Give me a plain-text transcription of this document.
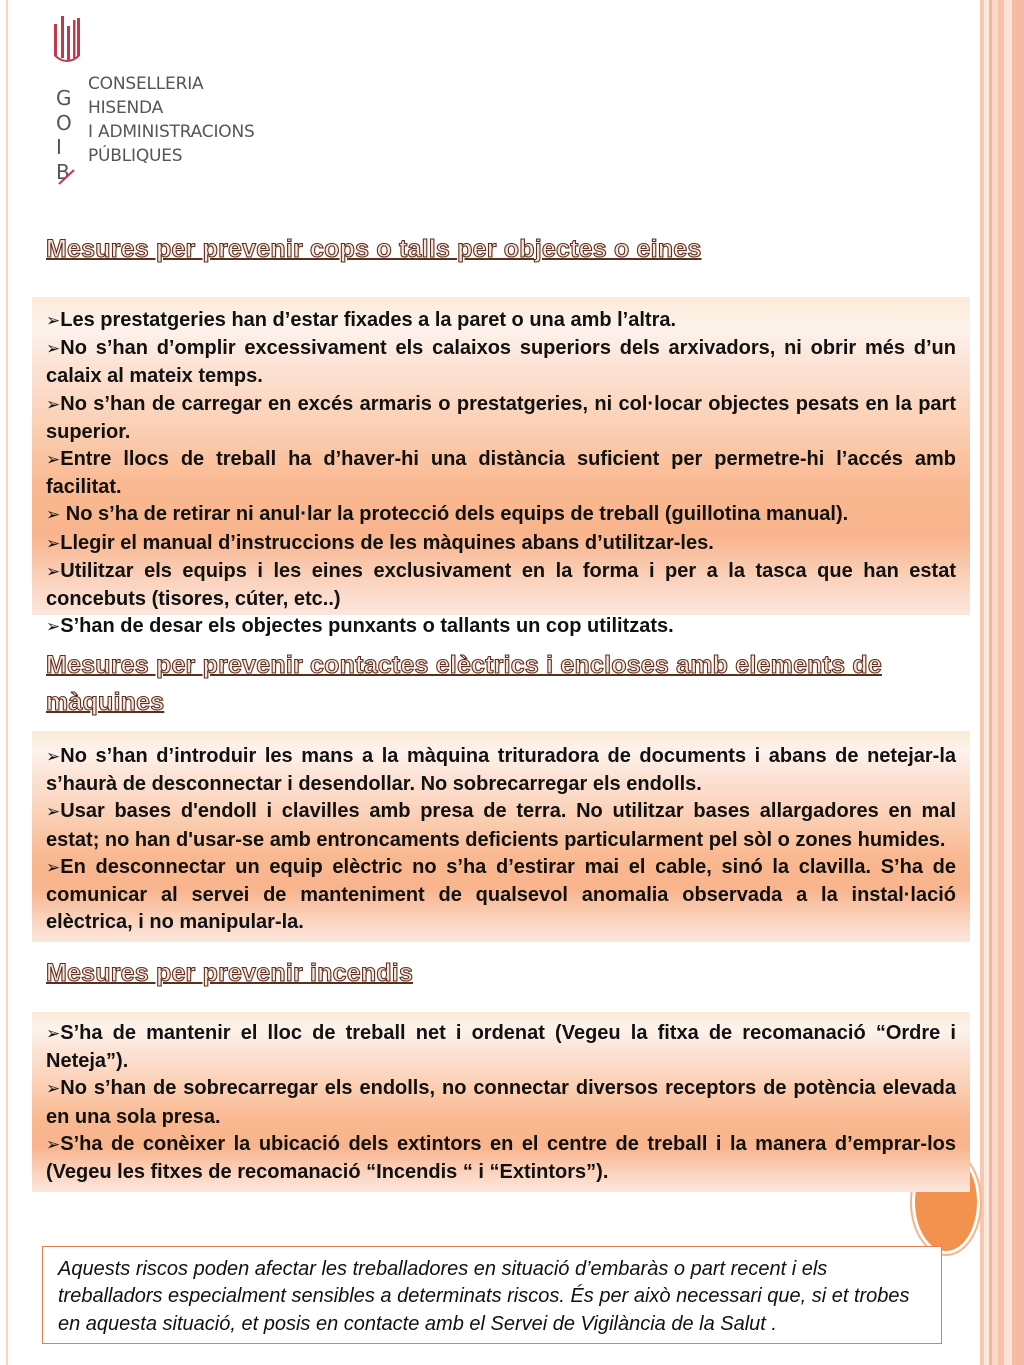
G
O
I
B
CONSELLERIA
HISENDA
I ADMINISTRACIONS
PÚBLIQUES
Mesures per prevenir cops o talls per objectes o eines

➢Les prestatgeries han d’estar fixades a la paret o una amb l’altra.

➢No s’han d’omplir excessivament els calaixos superiors dels arxivadors, ni obrir més d’un calaix al mateix temps.

➢No s’han de carregar en excés armaris o prestatgeries, ni col·locar objectes pesats en la part superior.

➢Entre llocs de treball ha d’haver-hi una distància suficient per permetre-hi l’accés amb facilitat.

➢ No s’ha de retirar ni anul·lar la protecció dels equips de treball (guillotina manual).

➢Llegir el manual d’instruccions de les màquines abans d’utilitzar-les.

➢Utilitzar els equips i les eines exclusivament en la forma i per a la tasca que han estat concebuts (tisores, cúter, etc..)

➢S’han de desar els objectes punxants o tallants un cop utilitzats.

Mesures per prevenir contactes elèctrics i encloses amb elements de màquines

➢No s’han d’introduir les mans a la màquina trituradora de documents i abans de netejar-la s’haurà de desconnectar i desendollar. No sobrecarregar els endolls.

➢Usar bases d'endoll i clavilles amb presa de terra. No utilitzar bases allargadores en mal estat; no han d'usar-se amb entroncaments deficients particularment pel sòl o zones humides.

➢En desconnectar un equip elèctric no s’ha d’estirar mai el cable, sinó la clavilla. S’ha de comunicar al servei de manteniment de qualsevol anomalia observada a la instal·lació elèctrica, i no manipular-la.

Mesures per prevenir incendis

➢S’ha de mantenir el lloc de treball net i ordenat (Vegeu la fitxa de recomanació “Ordre i Neteja”).

➢No s’han de sobrecarregar els endolls, no connectar diversos receptors de potència elevada en una sola presa.

➢S’ha de conèixer la ubicació dels extintors en el centre de treball i la manera d’emprar-los (Vegeu les fitxes de recomanació “Incendis “ i “Extintors”).

Aquests riscos poden afectar les treballadores en situació d’embaràs o part recent i els treballadors especialment sensibles a determinats riscos. És per això necessari que, si et trobes en aquesta situació, et posis en contacte amb el Servei de Vigilància de la Salut .
